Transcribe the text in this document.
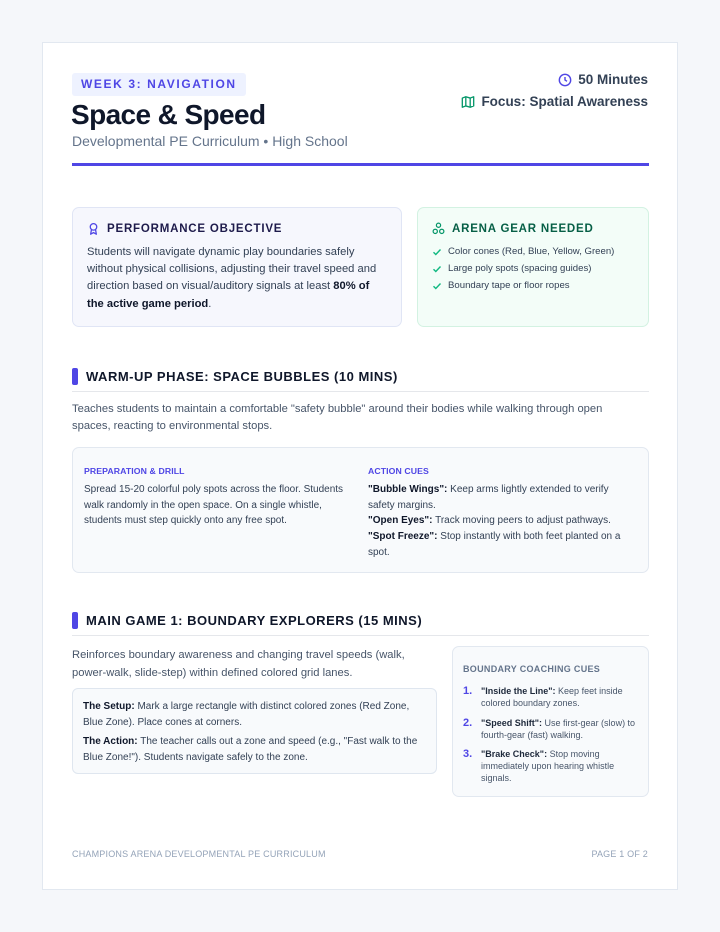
WEEK 3: NAVIGATION
Space & Speed
Developmental PE Curriculum • High School
50 Minutes
Focus: Spatial Awareness
PERFORMANCE OBJECTIVE
Students will navigate dynamic play boundaries safely without physical collisions, adjusting their travel speed and direction based on visual/auditory signals at least 80% of the active game period.
ARENA GEAR NEEDED
Color cones (Red, Blue, Yellow, Green)
Large poly spots (spacing guides)
Boundary tape or floor ropes
WARM-UP PHASE: SPACE BUBBLES (10 MINS)
Teaches students to maintain a comfortable "safety bubble" around their bodies while walking through open spaces, reacting to environmental stops.
PREPARATION & DRILL
Spread 15-20 colorful poly spots across the floor. Students walk randomly in the open space. On a single whistle, students must step quickly onto any free spot.
ACTION CUES
"Bubble Wings": Keep arms lightly extended to verify safety margins.
"Open Eyes": Track moving peers to adjust pathways.
"Spot Freeze": Stop instantly with both feet planted on a spot.
MAIN GAME 1: BOUNDARY EXPLORERS (15 MINS)
Reinforces boundary awareness and changing travel speeds (walk, power-walk, slide-step) within defined colored grid lanes.
The Setup: Mark a large rectangle with distinct colored zones (Red Zone, Blue Zone). Place cones at corners.
The Action: The teacher calls out a zone and speed (e.g., "Fast walk to the Blue Zone!"). Students navigate safely to the zone.
BOUNDARY COACHING CUES
1. "Inside the Line": Keep feet inside colored boundary zones.
2. "Speed Shift": Use first-gear (slow) to fourth-gear (fast) walking.
3. "Brake Check": Stop moving immediately upon hearing whistle signals.
CHAMPIONS ARENA DEVELOPMENTAL PE CURRICULUM	PAGE 1 OF 2
